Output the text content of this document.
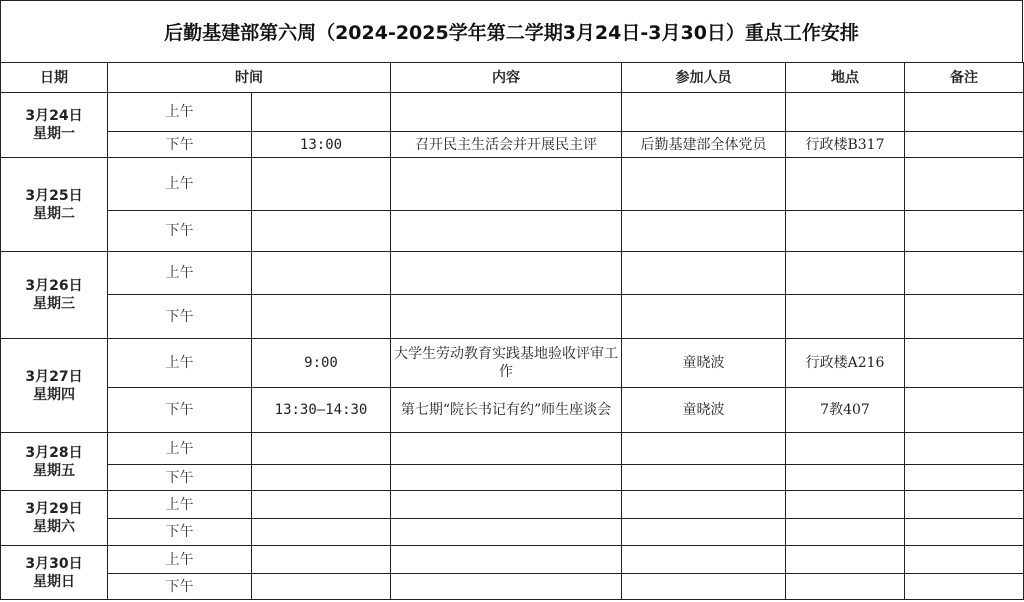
后勤基建部第六周（2024-2025学年第二学期3月24日-3月30日）重点工作安排
日期	时间		内容	参加人员	地点	备注

3月24日
星期一	上午					
	下午	13:00	召开民主生活会并开展民主评	后勤基建部全体党员	行政楼B317	

3月25日
星期二	上午					
	下午					

3月26日
星期三	上午					
	下午					

3月27日
星期四	上午	9:00	大学生劳动教育实践基地验收评审工作	童晓波	行政楼A216	
	下午	13:30—14:30	第七期“院长书记有约”师生座谈会	童晓波	7教407	

3月28日
星期五	上午					
	下午					

3月29日
星期六	上午					
	下午					

3月30日
星期日	上午					
	下午					
